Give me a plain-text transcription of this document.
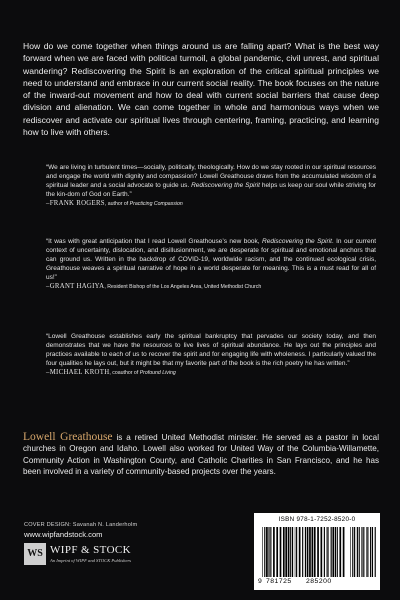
How do we come together when things around us are falling apart? What is the best way forward when we are faced with political turmoil, a global pandemic, civil unrest, and spiritual wandering? Rediscovering the Spirit is an exploration of the critical spiritual principles we need to understand and embrace in our current social reality. The book focuses on the nature of the inward-out movement and how to deal with current social barriers that cause deep division and alienation. We can come together in whole and harmonious ways when we rediscover and activate our spiritual lives through centering, framing, practicing, and learning how to live with others.
“We are living in turbulent times—socially, politically, theologically. How do we stay rooted in our spiritual resources and engage the world with dignity and compassion? Lowell Greathouse draws from the accumulated wisdom of a spiritual leader and a social advocate to guide us. Rediscovering the Spirit helps us keep our soul while striving for the kin-dom of God on Earth.”
–FRANK ROGERS, author of Practicing Compassion
“It was with great anticipation that I read Lowell Greathouse’s new book, Rediscovering the Spirit. In our current context of uncertainty, dislocation, and disillusionment, we are desperate for spiritual and emotional anchors that can ground us. Written in the backdrop of COVID-19, worldwide racism, and the continued ecological crisis, Greathouse weaves a spiritual narrative of hope in a world desperate for meaning. This is a must read for all of us!”
–GRANT HAGIYA, Resident Bishop of the Los Angeles Area, United Methodist Church
“Lowell Greathouse establishes early the spiritual bankruptcy that pervades our society today, and then demonstrates that we have the resources to live lives of spiritual abundance. He lays out the principles and practices available to each of us to recover the spirit and for engaging life with wholeness. I particularly valued the four qualities he lays out, but it might be that my favorite part of the book is the rich poetry he has written.”
–MICHAEL KROTH, coauthor of Profound Living
Lowell Greathouse is a retired United Methodist minister. He served as a pastor in local churches in Oregon and Idaho. Lowell also worked for United Way of the Columbia-Willamette, Community Action in Washington County, and Catholic Charities in San Francisco, and he has been involved in a variety of community-based projects over the years.
COVER DESIGN: Savanah N. Landerholm
www.wipfandstock.com
WS WIPF & STOCK
An Imprint of WIPF and STOCK Publishers
ISBN 978-1-7252-8520-0
9 781725 285200
